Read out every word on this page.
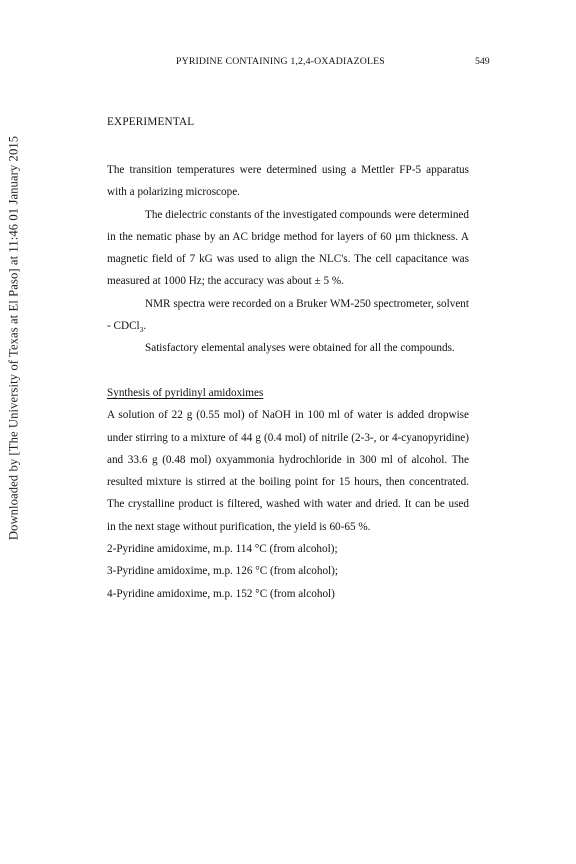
Downloaded by [The University of Texas at El Paso] at 11:46 01 January 2015
PYRIDINE CONTAINING 1,2,4-OXADIAZOLES	549
EXPERIMENTAL

The transition temperatures were determined using a Mettler FP-5 apparatus with a polarizing microscope.

The dielectric constants of the investigated compounds were determined in the nematic phase by an AC bridge method for layers of 60 µm thickness. A magnetic field of 7 kG was used to align the NLC's. The cell capacitance was measured at 1000 Hz; the accuracy was about ± 5 %.

NMR spectra were recorded on a Bruker WM-250 spectrometer, solvent - CDCl$_3$.

Satisfactory elemental analyses were obtained for all the compounds.

Synthesis of pyridinyl amidoximes

A solution of 22 g (0.55 mol) of NaOH in 100 ml of water is added dropwise under stirring to a mixture of 44 g (0.4 mol) of nitrile (2-3-, or 4-cyanopyridine) and 33.6 g (0.48 mol) oxyammonia hydrochloride in 300 ml of alcohol. The resulted mixture is stirred at the boiling point for 15 hours, then concentrated. The crystalline product is filtered, washed with water and dried. It can be used in the next stage without purification, the yield is 60-65 %.

2-Pyridine amidoxime, m.p. 114 °C (from alcohol);

3-Pyridine amidoxime, m.p. 126 °C (from alcohol);

4-Pyridine amidoxime, m.p. 152 °C (from alcohol)
